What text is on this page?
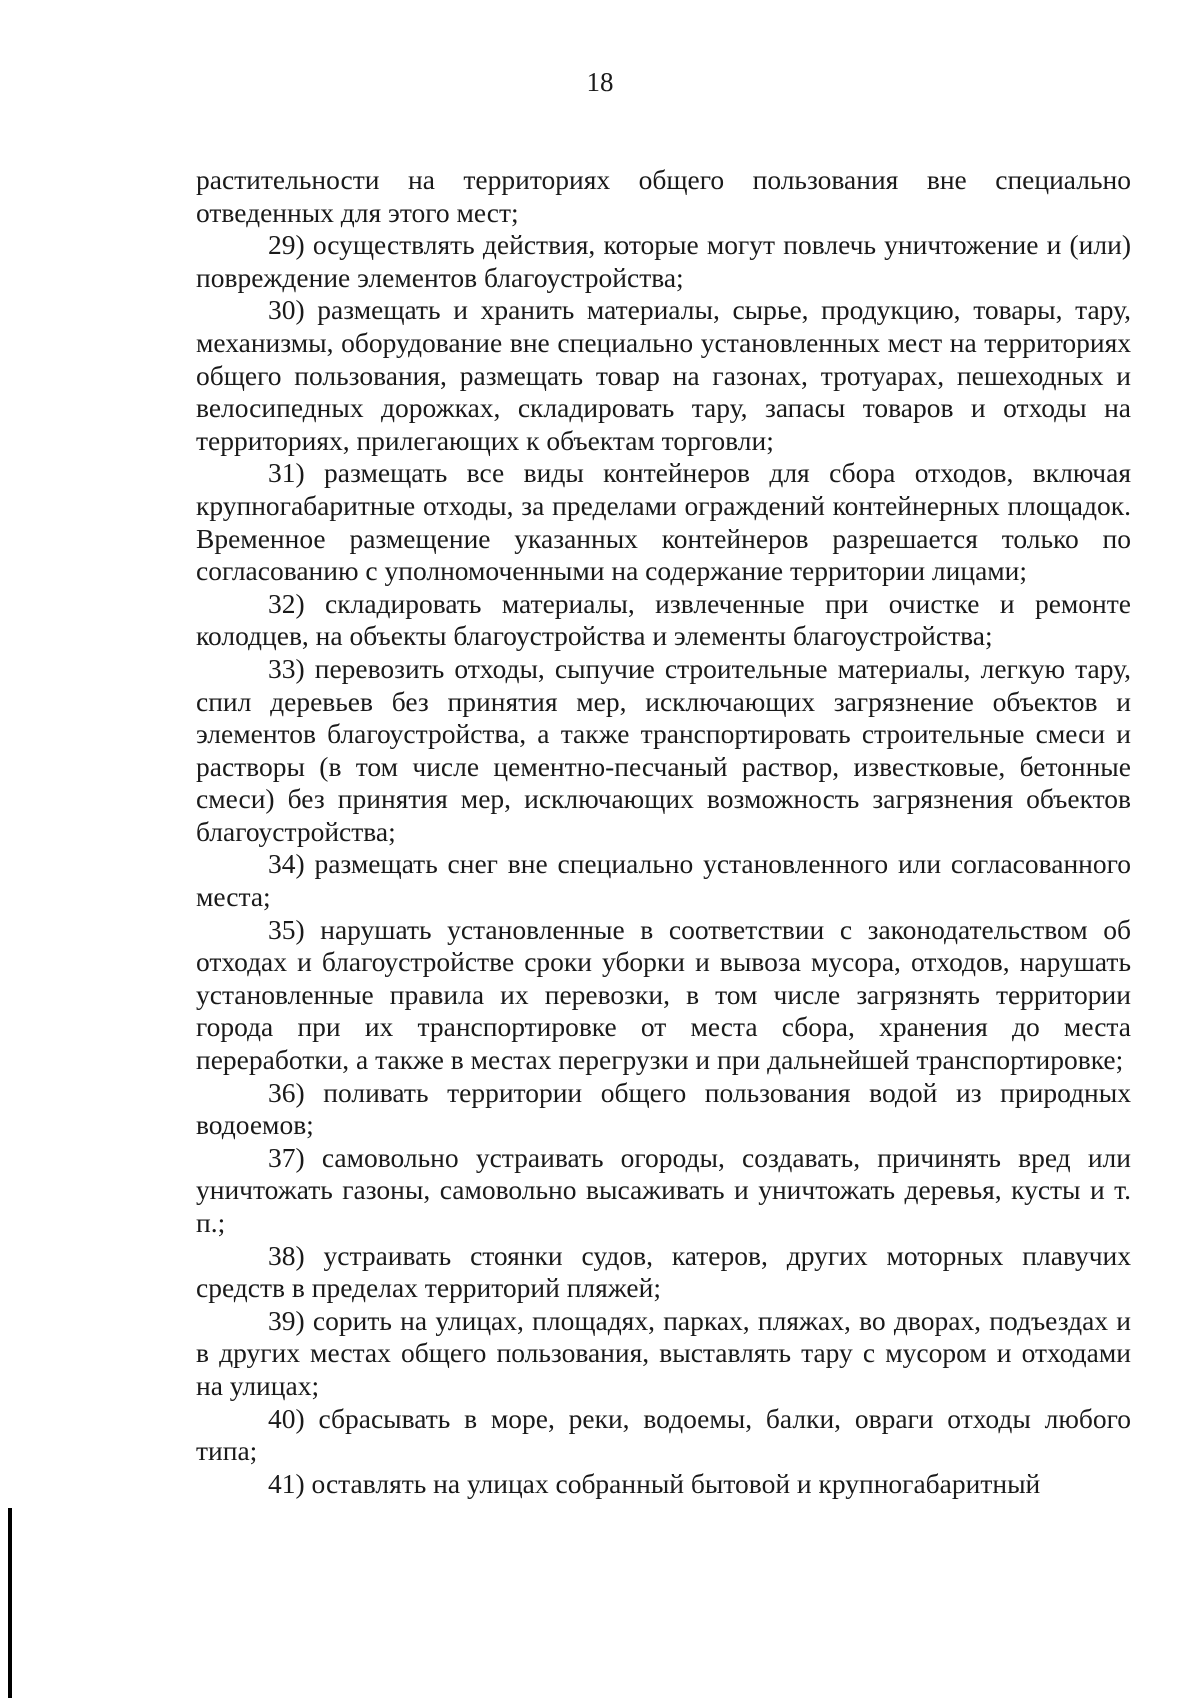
18

растительности на территориях общего пользования вне специально отведенных для этого мест;

29) осуществлять действия, которые могут повлечь уничтожение и (или) повреждение элементов благоустройства;

30) размещать и хранить материалы, сырье, продукцию, товары, тару, механизмы, оборудование вне специально установленных мест на территориях общего пользования, размещать товар на газонах, тротуарах, пешеходных и велосипедных дорожках, складировать тару, запасы товаров и отходы на территориях, прилегающих к объектам торговли;

31) размещать все виды контейнеров для сбора отходов, включая крупногабаритные отходы, за пределами ограждений контейнерных площадок. Временное размещение указанных контейнеров разрешается только по согласованию с уполномоченными на содержание территории лицами;

32) складировать материалы, извлеченные при очистке и ремонте колодцев, на объекты благоустройства и элементы благоустройства;

33) перевозить отходы, сыпучие строительные материалы, легкую тару, спил деревьев без принятия мер, исключающих загрязнение объектов и элементов благоустройства, а также транспортировать строительные смеси и растворы (в том числе цементно-песчаный раствор, известковые, бетонные смеси) без принятия мер, исключающих возможность загрязнения объектов благоустройства;

34) размещать снег вне специально установленного или согласованного места;

35) нарушать установленные в соответствии с законодательством об отходах и благоустройстве сроки уборки и вывоза мусора, отходов, нарушать установленные правила их перевозки, в том числе загрязнять территории города при их транспортировке от места сбора, хранения до места переработки, а также в местах перегрузки и при дальнейшей транспортировке;

36) поливать территории общего пользования водой из природных водоемов;

37) самовольно устраивать огороды, создавать, причинять вред или уничтожать газоны, самовольно высаживать и уничтожать деревья, кусты и т. п.;

38) устраивать стоянки судов, катеров, других моторных плавучих средств в пределах территорий пляжей;

39) сорить на улицах, площадях, парках, пляжах, во дворах, подъездах и в других местах общего пользования, выставлять тару с мусором и отходами на улицах;

40) сбрасывать в море, реки, водоемы, балки, овраги отходы любого типа;

41) оставлять на улицах собранный бытовой и крупногабаритный
